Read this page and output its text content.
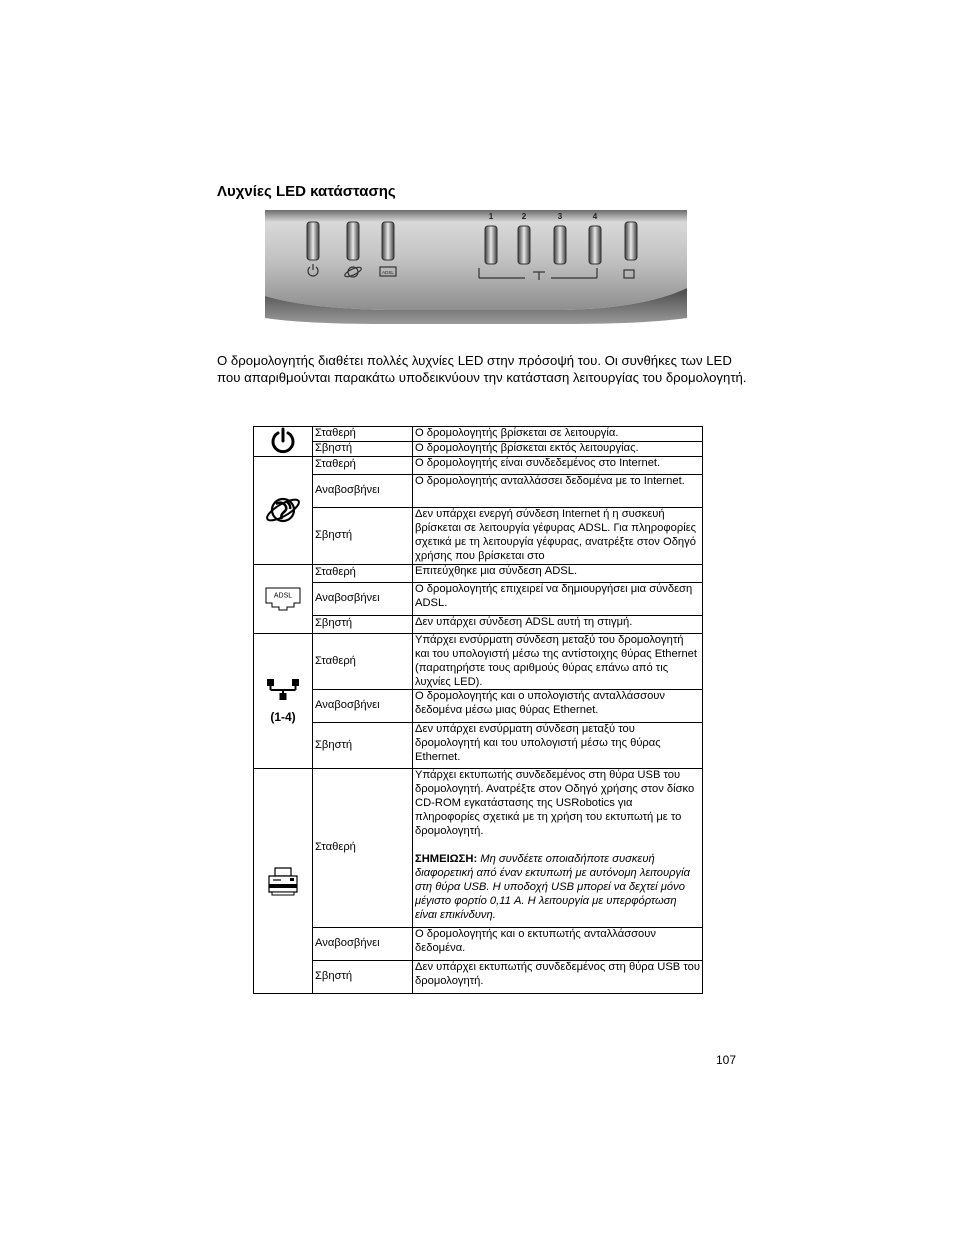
Λυχνίες LED κατάστασης
1	2	3	4
ADSL
Ο δρομολογητής διαθέτει πολλές λυχνίες LED στην πρόσοψή του. Οι συνθήκες των LED που απαριθμούνται παρακάτω υποδεικνύουν την κατάσταση λειτουργίας του δρομολογητή.
	Σταθερή	Ο δρομολογητής βρίσκεται σε λειτουργία.
	Σβηστή	Ο δρομολογητής βρίσκεται εκτός λειτουργίας.

	Σταθερή	Ο δρομολογητής είναι συνδεδεμένος στο Internet.
	Αναβοσβήνει	Ο δρομολογητής ανταλλάσσει δεδομένα με το Internet.
	Σβηστή	Δεν υπάρχει ενεργή σύνδεση Internet ή η συσκευή βρίσκεται σε λειτουργία γέφυρας ADSL. Για πληροφορίες σχετικά με τη λειτουργία γέφυρας, ανατρέξτε στον Οδηγό χρήσης που βρίσκεται στο

ADSL	Σταθερή	Επιτεύχθηκε μια σύνδεση ADSL.
	Αναβοσβήνει	Ο δρομολογητής επιχειρεί να δημιουργήσει μια σύνδεση ADSL.
	Σβηστή	Δεν υπάρχει σύνδεση ADSL αυτή τη στιγμή.

(1-4)	Σταθερή	Υπάρχει ενσύρματη σύνδεση μεταξύ του δρομολογητή και του υπολογιστή μέσω της αντίστοιχης θύρας Ethernet (παρατηρήστε τους αριθμούς θύρας επάνω από τις λυχνίες LED).
	Αναβοσβήνει	Ο δρομολογητής και ο υπολογιστής ανταλλάσσουν δεδομένα μέσω μιας θύρας Ethernet.
	Σβηστή	Δεν υπάρχει ενσύρματη σύνδεση μεταξύ του δρομολογητή και του υπολογιστή μέσω της θύρας Ethernet.

	Σταθερή	Υπάρχει εκτυπωτής συνδεδεμένος στη θύρα USB του δρομολογητή. Ανατρέξτε στον Οδηγό χρήσης στον δίσκο CD-ROM εγκατάστασης της USRobotics για πληροφορίες σχετικά με τη χρήση του εκτυπωτή με το δρομολογητή.
ΣΗΜΕΙΩΣΗ: Μη συνδέετε οποιαδήποτε συσκευή διαφορετική από έναν εκτυπωτή με αυτόνομη λειτουργία στη θύρα USB. Η υποδοχή USB μπορεί να δεχτεί μόνο μέγιστο φορτίο 0,11 A. Η λειτουργία με υπερφόρτωση είναι επικίνδυνη.

	Αναβοσβήνει	Ο δρομολογητής και ο εκτυπωτής ανταλλάσσουν δεδομένα.
	Σβηστή	Δεν υπάρχει εκτυπωτής συνδεδεμένος στη θύρα USB του δρομολογητή.
107
